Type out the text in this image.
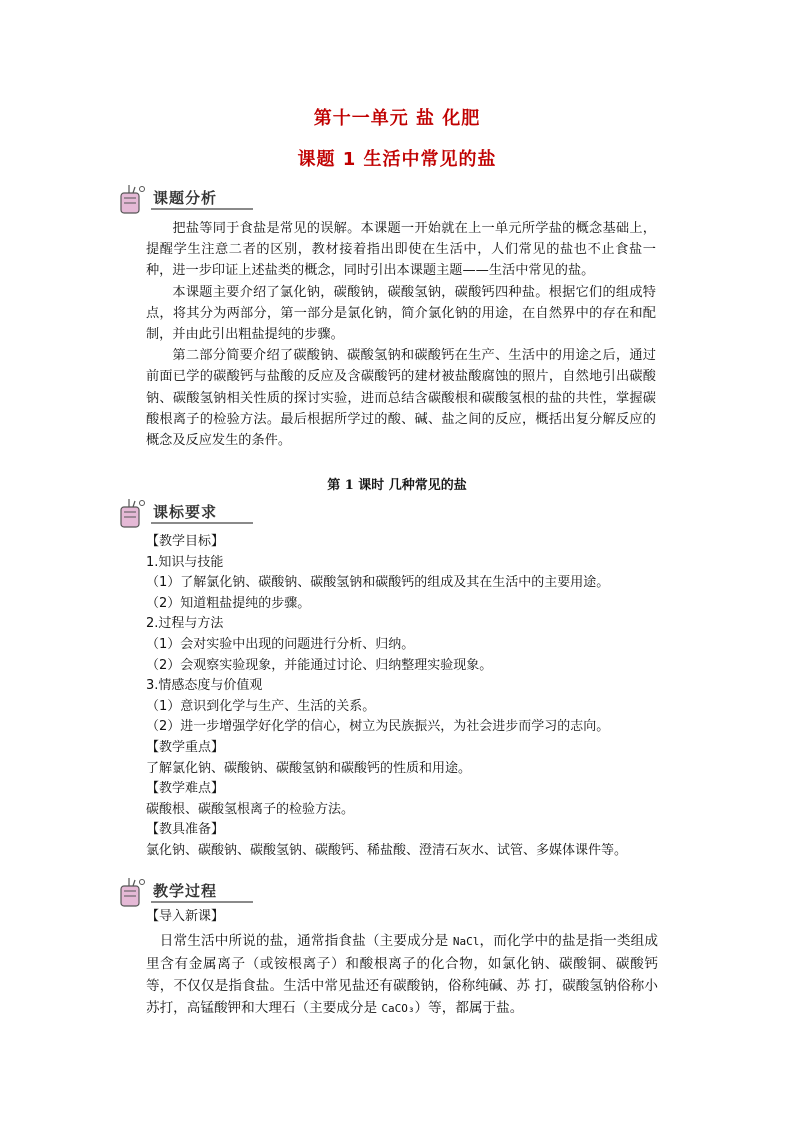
第十一单元 盐 化肥
课题 1 生活中常见的盐
课题分析

把盐等同于食盐是常见的误解。本课题一开始就在上一单元所学盐的概念基础上，提醒学生注意二者的区别，教材接着指出即使在生活中，人们常见的盐也不止食盐一种，进一步印证上述盐类的概念，同时引出本课题主题——生活中常见的盐。

本课题主要介绍了氯化钠，碳酸钠，碳酸氢钠，碳酸钙四种盐。根据它们的组成特点，将其分为两部分，第一部分是氯化钠，简介氯化钠的用途，在自然界中的存在和配制，并由此引出粗盐提纯的步骤。

第二部分简要介绍了碳酸钠、碳酸氢钠和碳酸钙在生产、生活中的用途之后，通过前面已学的碳酸钙与盐酸的反应及含碳酸钙的建材被盐酸腐蚀的照片，自然地引出碳酸钠、碳酸氢钠相关性质的探讨实验，进而总结含碳酸根和碳酸氢根的盐的共性，掌握碳酸根离子的检验方法。最后根据所学过的酸、碱、盐之间的反应，概括出复分解反应的概念及反应发生的条件。

第 1 课时 几种常见的盐
课标要求
【教学目标】
1.知识与技能
（1）了解氯化钠、碳酸钠、碳酸氢钠和碳酸钙的组成及其在生活中的主要用途。
（2）知道粗盐提纯的步骤。
2.过程与方法
（1）会对实验中出现的问题进行分析、归纳。
（2）会观察实验现象，并能通过讨论、归纳整理实验现象。
3.情感态度与价值观
（1）意识到化学与生产、生活的关系。
（2）进一步增强学好化学的信心，树立为民族振兴，为社会进步而学习的志向。
【教学重点】
了解氯化钠、碳酸钠、碳酸氢钠和碳酸钙的性质和用途。
【教学难点】
碳酸根、碳酸氢根离子的检验方法。
【教具准备】
氯化钠、碳酸钠、碳酸氢钠、碳酸钙、稀盐酸、澄清石灰水、试管、多媒体课件等。
教学过程
【导入新课】

 日常生活中所说的盐，通常指食盐（主要成分是 NaCl，而化学中的盐是指一类组成里含有金属离子（或铵根离子）和酸根离子的化合物，如氯化钠、碳酸铜、碳酸钙等，不仅仅是指食盐。生活中常见盐还有碳酸钠，俗称纯碱、苏 打，碳酸氢钠俗称小苏打，高锰酸钾和大理石（主要成分是 CaCO₃）等，都属于盐。
